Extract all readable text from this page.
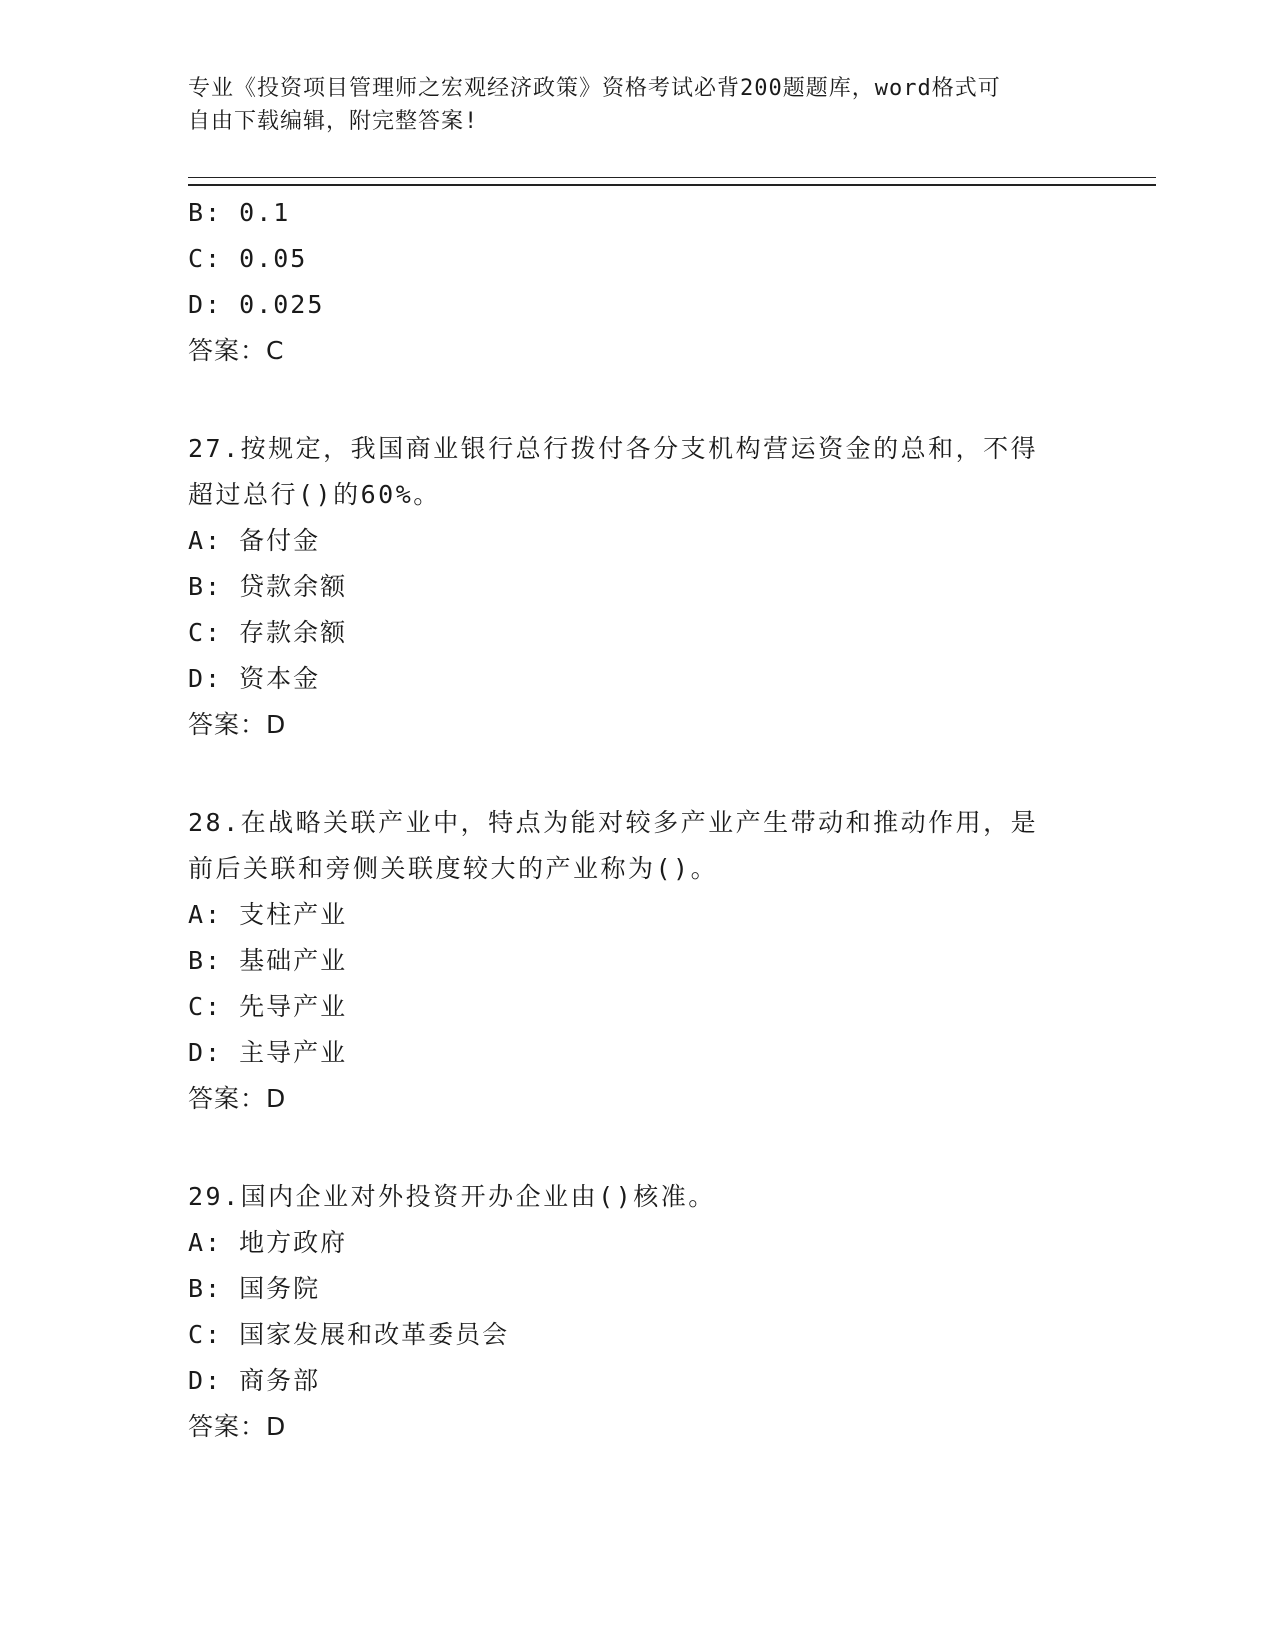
专业《投资项目管理师之宏观经济政策》资格考试必背200题题库，word格式可
自由下载编辑，附完整答案!
B: 0.1
C: 0.05
D: 0.025
答案：C
27.按规定，我国商业银行总行拨付各分支机构营运资金的总和，不得
超过总行()的60%。
A: 备付金
B: 贷款余额
C: 存款余额
D: 资本金
答案：D
28.在战略关联产业中，特点为能对较多产业产生带动和推动作用，是
前后关联和旁侧关联度较大的产业称为()。
A: 支柱产业
B: 基础产业
C: 先导产业
D: 主导产业
答案：D
29.国内企业对外投资开办企业由()核准。
A: 地方政府
B: 国务院
C: 国家发展和改革委员会
D: 商务部
答案：D
